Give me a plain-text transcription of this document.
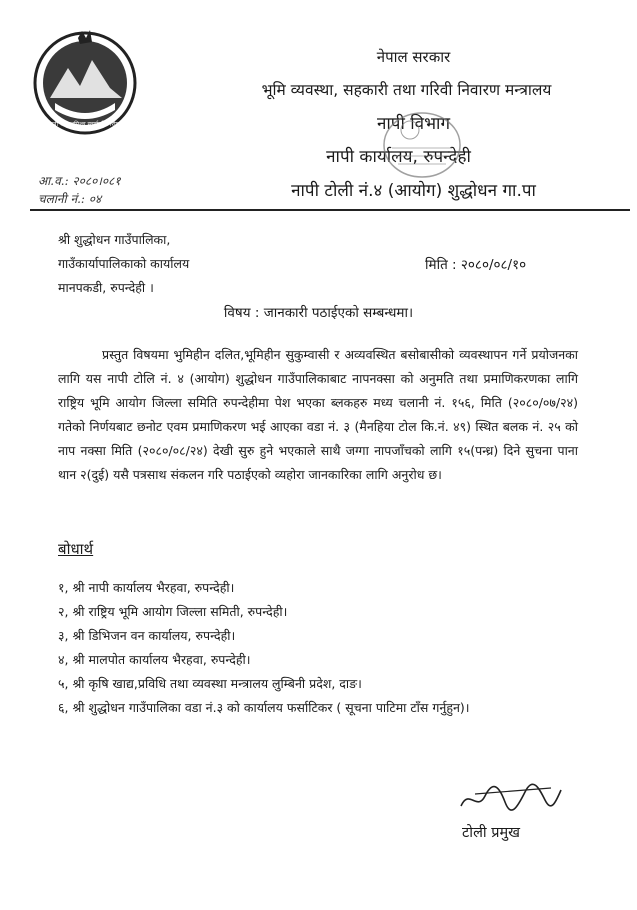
जननी जन्मभूमिश्च स्वर्गादपि गरीयसी
नेपाल सरकार
भूमि व्यवस्था, सहकारी तथा गरिवी निवारण मन्त्रालय
नापी विभाग
नापी कार्यालय, रुपन्देही
नापी टोली नं.४ (आयोग) शुद्धोधन गा.पा
आ.व.: २०८०।०८१
चलानी नं.: ०४
श्री शुद्धोधन गाउँपालिका,
गाउँकार्यापालिकाको कार्यालय
मानपकडी, रुपन्देही ।
मिति : २०८०/०८/१०
विषय : जानकारी पठाईएको सम्बन्धमा।
प्रस्तुत विषयमा भुमिहीन दलित,भूमिहीन सुकुम्वासी र अव्यवस्थित बसोबासीको व्यवस्थापन गर्ने प्रयोजनका लागि यस नापी टोलि नं. ४ (आयोग) शुद्धोधन गाउँपालिकाबाट नापनक्सा को अनुमति तथा प्रमाणिकरणका लागि राष्ट्रिय भूमि आयोग जिल्ला समिति रुपन्देहीमा पेश भएका ब्लकहरु मध्य चलानी नं. १५६, मिति (२०८०/०७/२४) गतेको निर्णयबाट छनोट एवम प्रमाणिकरण भई आएका वडा नं. ३ (मैनहिया टोल कि.नं. ४९) स्थित बलक नं. २५ को नाप नक्सा मिति (२०८०/०८/२४) देखी सुरु हुने भएकाले साथै जग्गा नापजाँचको लागि १५(पन्ध्र) दिने सुचना पाना थान २(दुई) यसै पत्रसाथ संकलन गरि पठाईएको व्यहोरा जानकारिका लागि अनुरोध छ।
बोधार्थ
१, श्री नापी कार्यालय भैरहवा, रुपन्देही।
२, श्री राष्ट्रिय भूमि आयोग जिल्ला समिती, रुपन्देही।
३, श्री डिभिजन वन कार्यालय, रुपन्देही।
४, श्री मालपोत कार्यालय भैरहवा, रुपन्देही।
५, श्री कृषि खाद्य,प्रविधि तथा व्यवस्था मन्त्रालय लुम्बिनी प्रदेश, दाङ।
६, श्री शुद्धोधन गाउँपालिका वडा नं.३ को कार्यालय फर्साटिकर ( सूचना पाटिमा टाँस गर्नुहुन)।
टोली प्रमुख
